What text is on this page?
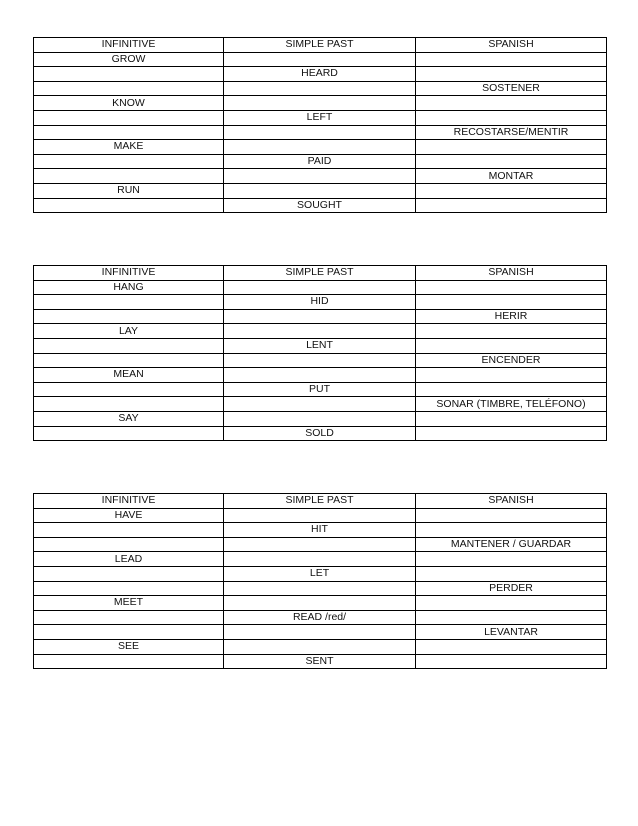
INFINITIVE	SIMPLE PAST	SPANISH
GROW		
	HEARD	
		SOSTENER
KNOW		
	LEFT	
		RECOSTARSE/MENTIR
MAKE		
	PAID	
		MONTAR
RUN		
	SOUGHT	
INFINITIVE	SIMPLE PAST	SPANISH
HANG		
	HID	
		HERIR
LAY		
	LENT	
		ENCENDER
MEAN		
	PUT	
		SONAR (TIMBRE, TELÉFONO)
SAY		
	SOLD	
INFINITIVE	SIMPLE PAST	SPANISH
HAVE		
	HIT	
		MANTENER / GUARDAR
LEAD		
	LET	
		PERDER
MEET		
	READ /red/	
		LEVANTAR
SEE		
	SENT	
